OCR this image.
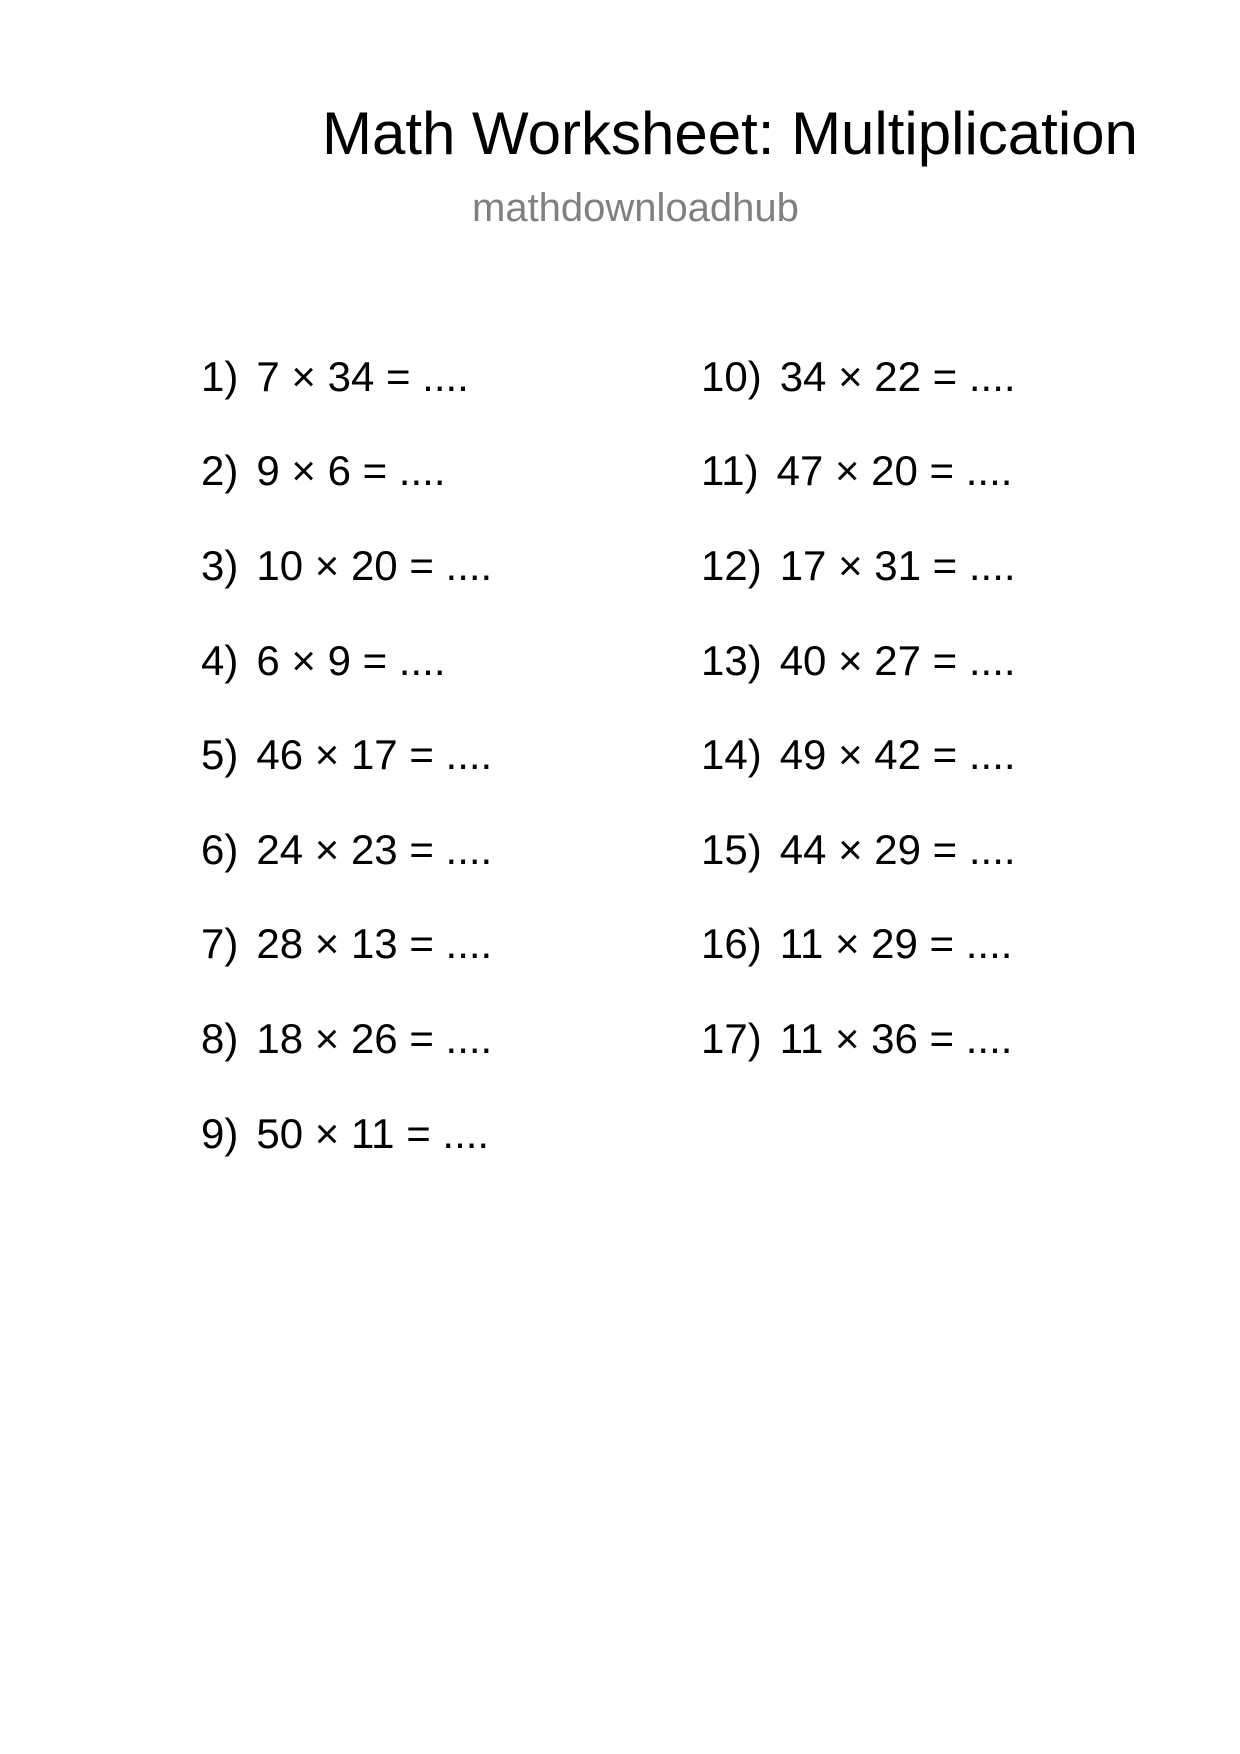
Math Worksheet: Multiplication
mathdownloadhub
1) 7 × 34 = ....
2) 9 × 6 = ....
3) 10 × 20 = ....
4) 6 × 9 = ....
5) 46 × 17 = ....
6) 24 × 23 = ....
7) 28 × 13 = ....
8) 18 × 26 = ....
9) 50 × 11 = ....
10) 34 × 22 = ....
11) 47 × 20 = ....
12) 17 × 31 = ....
13) 40 × 27 = ....
14) 49 × 42 = ....
15) 44 × 29 = ....
16) 11 × 29 = ....
17) 11 × 36 = ....
